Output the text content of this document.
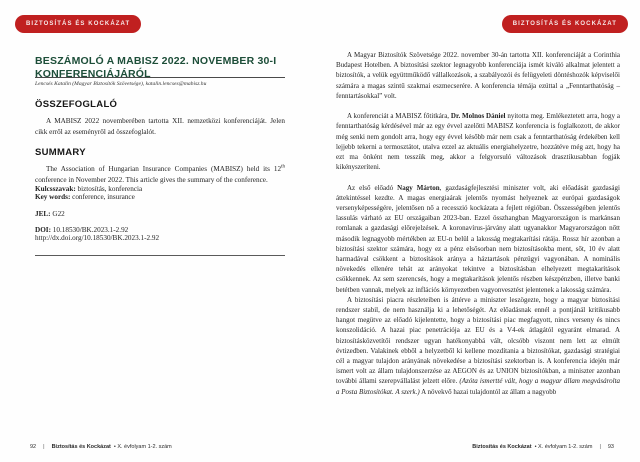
BIZTOSÍTÁS ÉS KOCKÁZAT
BESZÁMOLÓ A MABISZ 2022. NOVEMBER 30-I KONFERENCIÁJÁRÓL
Lencsés Katalin (Magyar Biztosítók Szövetsége), katalin.lencses@mabisz.hu
ÖSSZEFOGLALÓ

A MABISZ 2022 novemberében tartotta XII. nemzetközi konferenciáját. Jelen cikk erről az eseményről ad összefoglalót.

SUMMARY

The Association of Hungarian Insurance Companies (MABISZ) held its 12th conference in November 2022. This article gives the summary of the conference.

Kulcsszavak: biztosítás, konferencia

Key words: conference, insurance

JEL: G22

DOI: 10.18530/BK.2023.1-2.92

http://dx.doi.org/10.18530/BK.2023.1-2.92

92 | Biztosítás és Kockázat • X. évfolyam 1-2. szám
BIZTOSÍTÁS ÉS KOCKÁZAT

A Magyar Biztosítók Szövetsége 2022. november 30-án tartotta XII. konferenciáját a Corinthia Budapest Hotelben. A biztosítási szektor legnagyobb konferenciája ismét kiváló alkalmat jelentett a biztosítók, a velük együttműködő vállalkozások, a szabályozói és felügyeleti döntéshozók képviselői számára a magas szintű szakmai eszmecserére. A konferencia témája ezúttal a „Fenntarthatóság – fenntartásokkal” volt.

A konferenciát a MABISZ főtitkára, Dr. Molnos Dániel nyitotta meg. Emlékeztetett arra, hogy a fenntarthatóság kérdésével már az egy évvel azelőtti MABISZ konferencia is foglalkozott, de akkor még senki nem gondolt arra, hogy egy évvel később már nem csak a fenntarthatóság érdekében kell lejjebb tekerni a termosztátot, utalva ezzel az aktuális energiahelyzetre, hozzátéve még azt, hogy ha ezt ma önként nem tesszük meg, akkor a felgyorsuló változások drasztikusabban fogják kikényszeríteni.

Az első előadó Nagy Márton, gazdaságfejlesztési miniszter volt, aki előadását gazdasági áttekintéssel kezdte. A magas energiaárak jelentős nyomást helyeznek az európai gazdaságok versenyképességére, jelentősen nő a recesszió kockázata a fejlett régióban. Összességében jelentős lassulás várható az EU országaiban 2023-ban. Ezzel összhangban Magyarországon is markánsan romlanak a gazdasági előrejelzések. A koronavírus-járvány alatt ugyanakkor Magyarországon nőtt második legnagyobb mértékben az EU-n belül a lakosság megtakarítási rátája. Rossz hír azonban a biztosítási szektor számára, hogy ez a pénz elsősorban nem biztosításokba ment, sőt, 10 év alatt harmadával csökkent a biztosítások aránya a háztartások pénzügyi vagyonában. A nominális növekedés ellenére tehát az arányokat tekintve a biztosításban elhelyezett megtakarítások csökkennek. Az sem szerencsés, hogy a megtakarítások jelentős részben készpénzben, illetve banki betétben vannak, melyek az inflációs környezetben vagyonvesztést jelentenek a lakosság számára.

A biztosítási piacra részleteiben is áttérve a miniszter leszögezte, hogy a magyar biztosítási rendszer stabil, de nem használja ki a lehetőségét. Az előadásnak ennél a pontjánál kritikusabb hangot megütve az előadó kijelentette, hogy a biztosítási piac megfagyott, nincs verseny és nincs konszolidáció. A hazai piac penetrációja az EU és a V4-ek átlagától egyaránt elmarad. A biztosításközvetítői rendszer ugyan hatékonyabbá vált, olcsóbb viszont nem lett az elmúlt évtizedben. Valakinek ebből a helyzetből ki kellene mozdítania a biztosítókat, gazdasági stratégiai cél a magyar tulajdon arányának növekedése a biztosítási szektorban is. A konferencia idején már ismert volt az állam tulajdonszerzése az AEGON és az UNION biztosítókban, a miniszter azonban további állami szerepvállalást jelzett előre. (Azóta ismertté vált, hogy a magyar állam megvásárolta a Posta Biztosítókat. A szerk.) A növekvő hazai tulajdontól az állam a nagyobb

Biztosítás és Kockázat • X. évfolyam 1-2. szám | 93
